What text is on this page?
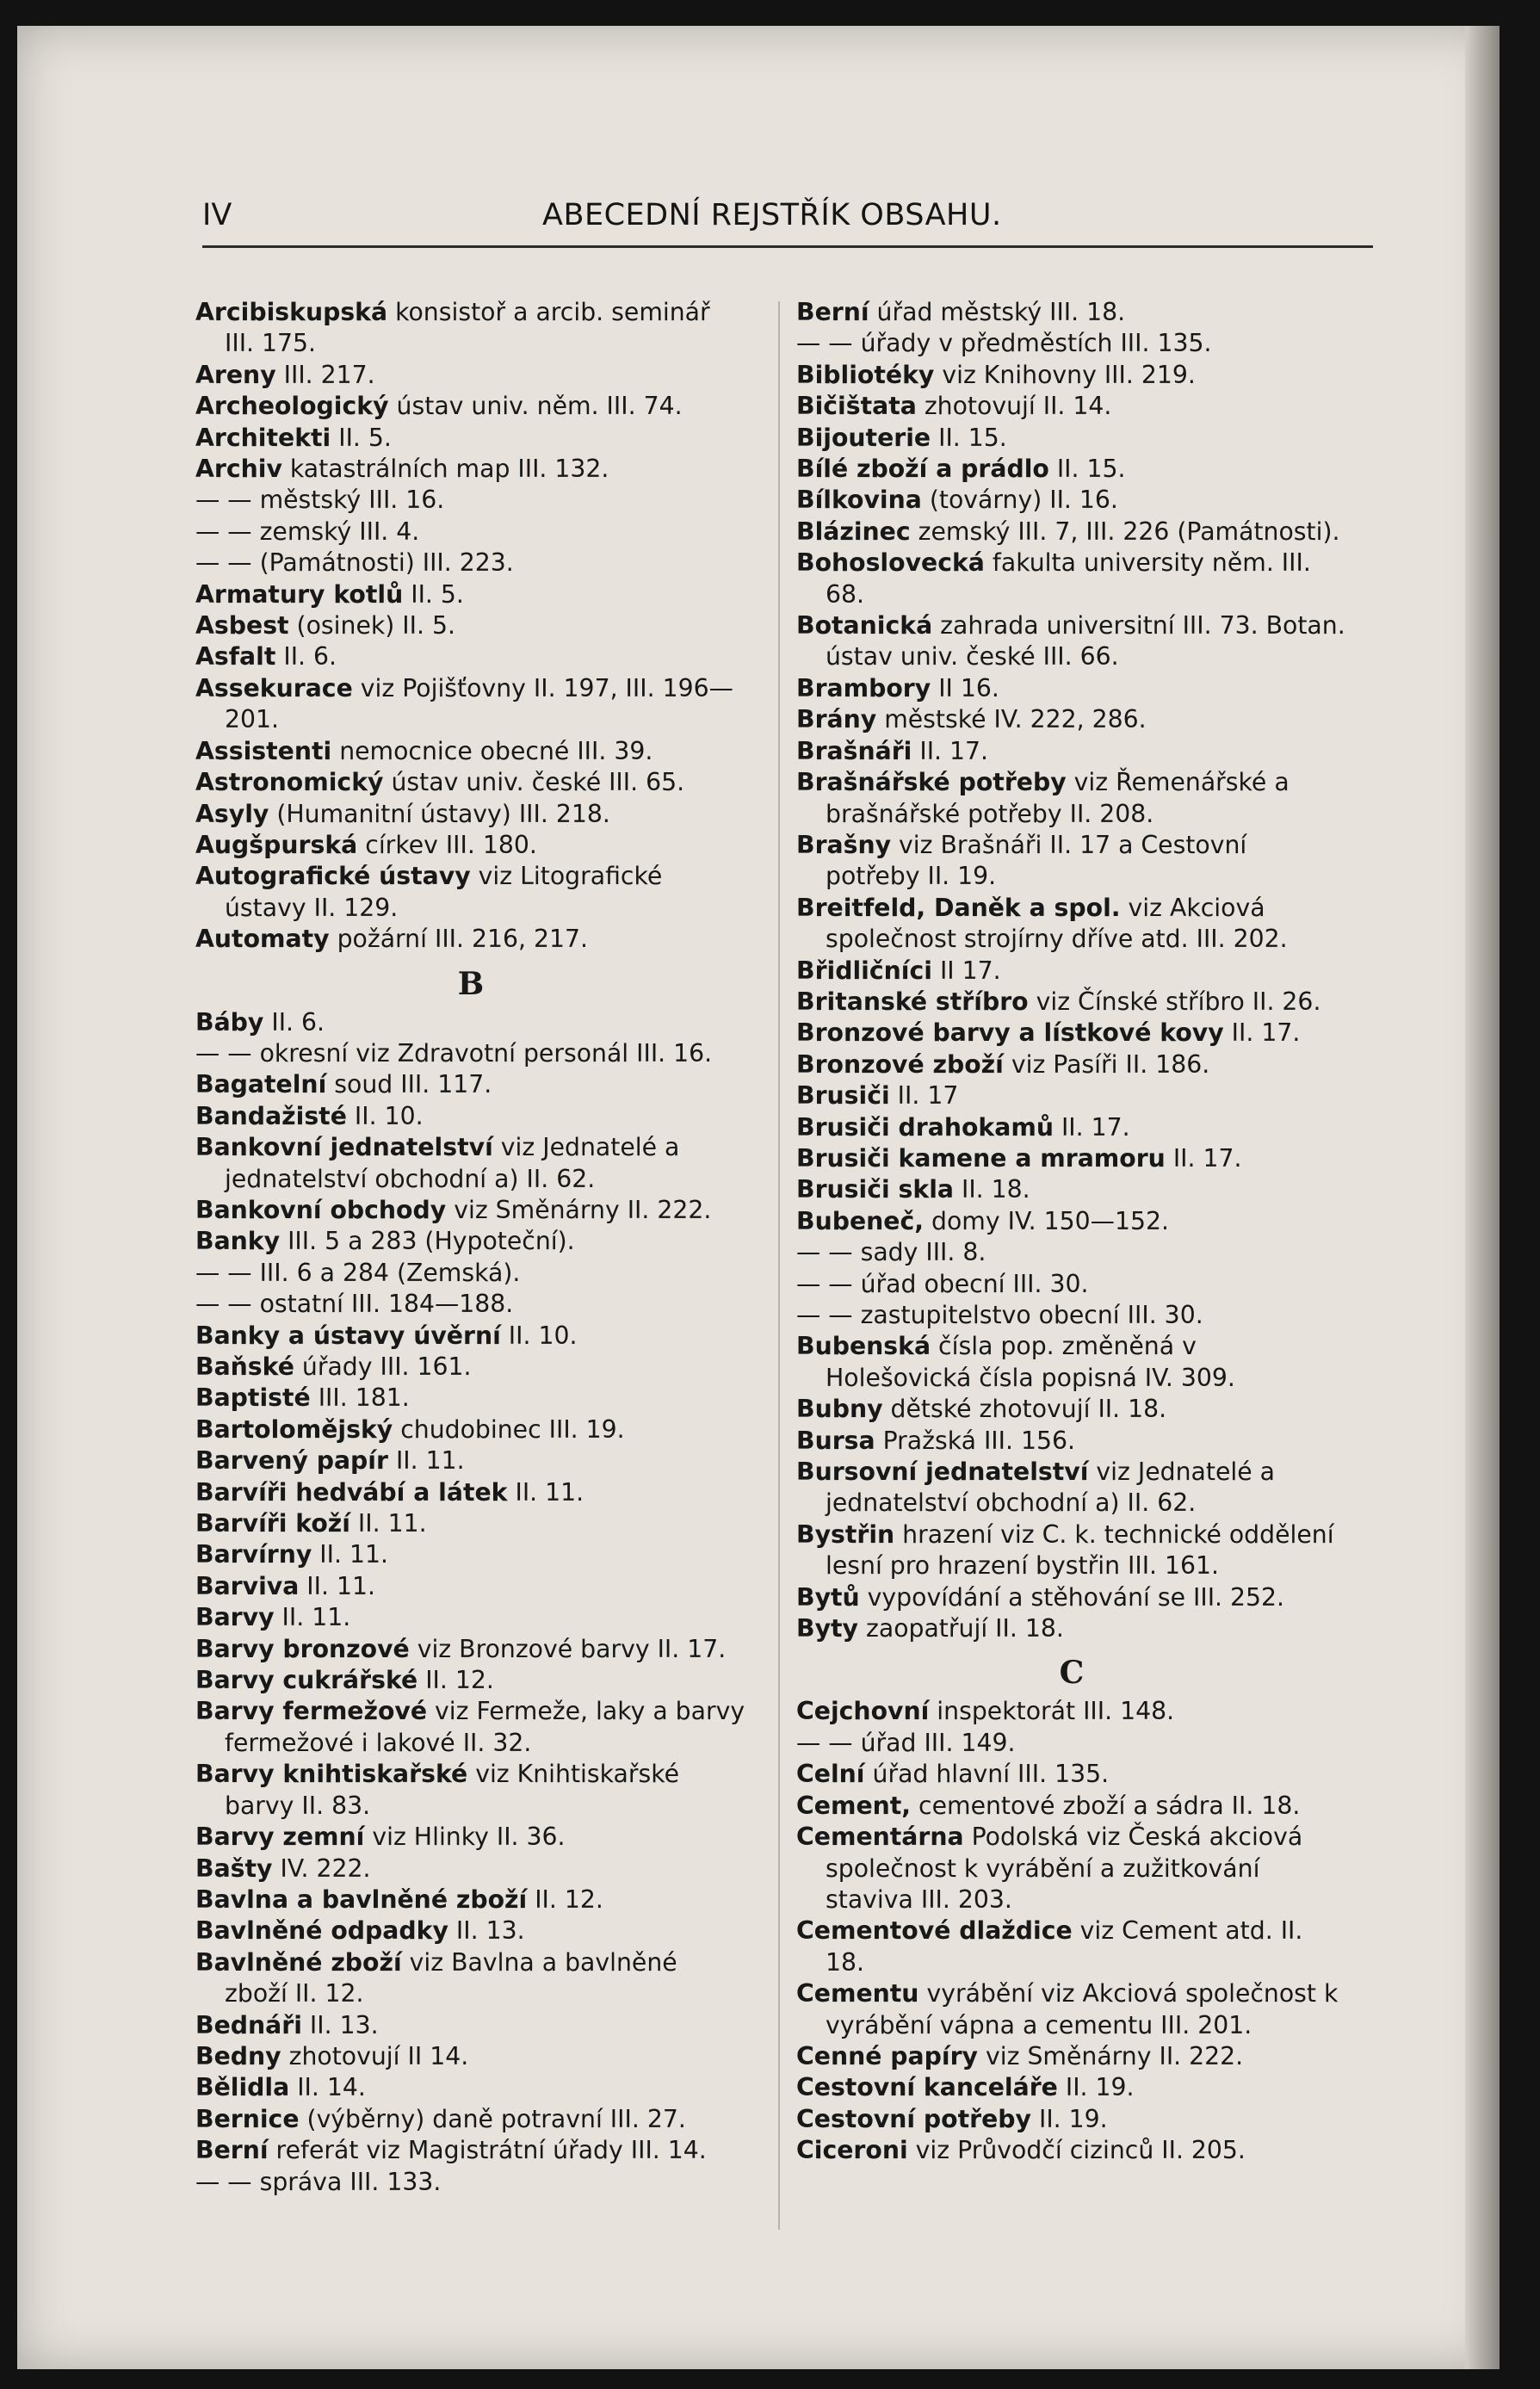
IV	ABECEDNÍ REJSTŘÍK OBSAHU.

Arcibiskupská konsistoř a arcib. seminář III. 175.

Areny III. 217.

Archeologický ústav univ. něm. III. 74.

Architekti II. 5.

Archiv katastrálních map III. 132.

— — městský III. 16.

— — zemský III. 4.

— — (Památnosti) III. 223.

Armatury kotlů II. 5.

Asbest (osinek) II. 5.

Asfalt II. 6.

Assekurace viz Pojišťovny II. 197, III. 196—201.

Assistenti nemocnice obecné III. 39.

Astronomický ústav univ. české III. 65.

Asyly (Humanitní ústavy) III. 218.

Augšpurská církev III. 180.

Autografické ústavy viz Litografické ústavy II. 129.

Automaty požární III. 216, 217.

B

Báby II. 6.

— — okresní viz Zdravotní personál III. 16.

Bagatelní soud III. 117.

Bandažisté II. 10.

Bankovní jednatelství viz Jednatelé a jednatelství obchodní a) II. 62.

Bankovní obchody viz Směnárny II. 222.

Banky III. 5 a 283 (Hypoteční).

— — III. 6 a 284 (Zemská).

— — ostatní III. 184—188.

Banky a ústavy úvěrní II. 10.

Baňské úřady III. 161.

Baptisté III. 181.

Bartolomějský chudobinec III. 19.

Barvený papír II. 11.

Barvíři hedvábí a látek II. 11.

Barvíři koží II. 11.

Barvírny II. 11.

Barviva II. 11.

Barvy II. 11.

Barvy bronzové viz Bronzové barvy II. 17.

Barvy cukrářské II. 12.

Barvy fermežové viz Fermeže, laky a barvy fermežové i lakové II. 32.

Barvy knihtiskařské viz Knihtiskařské barvy II. 83.

Barvy zemní viz Hlinky II. 36.

Bašty IV. 222.

Bavlna a bavlněné zboží II. 12.

Bavlněné odpadky II. 13.

Bavlněné zboží viz Bavlna a bavlněné zboží II. 12.

Bednáři II. 13.

Bedny zhotovují II 14.

Bělidla II. 14.

Bernice (výběrny) daně potravní III. 27.

Berní referát viz Magistrátní úřady III. 14.

— — správa III. 133.

Berní úřad městský III. 18.

— — úřady v předměstích III. 135.

Bibliotéky viz Knihovny III. 219.

Bičištata zhotovují II. 14.

Bijouterie II. 15.

Bílé zboží a prádlo II. 15.

Bílkovina (továrny) II. 16.

Blázinec zemský III. 7, III. 226 (Památnosti).

Bohoslovecká fakulta university něm. III. 68.

Botanická zahrada universitní III. 73. Botan. ústav univ. české III. 66.

Brambory II 16.

Brány městské IV. 222, 286.

Brašnáři II. 17.

Brašnářské potřeby viz Řemenářské a brašnářské potřeby II. 208.

Brašny viz Brašnáři II. 17 a Cestovní potřeby II. 19.

Breitfeld, Daněk a spol. viz Akciová společnost strojírny dříve atd. III. 202.

Břidličníci II 17.

Britanské stříbro viz Čínské stříbro II. 26.

Bronzové barvy a lístkové kovy II. 17.

Bronzové zboží viz Pasíři II. 186.

Brusiči II. 17

Brusiči drahokamů II. 17.

Brusiči kamene a mramoru II. 17.

Brusiči skla II. 18.

Bubeneč, domy IV. 150—152.

— — sady III. 8.

— — úřad obecní III. 30.

— — zastupitelstvo obecní III. 30.

Bubenská čísla pop. změněná v Holešovická čísla popisná IV. 309.

Bubny dětské zhotovují II. 18.

Bursa Pražská III. 156.

Bursovní jednatelství viz Jednatelé a jednatelství obchodní a) II. 62.

Bystřin hrazení viz C. k. technické oddělení lesní pro hrazení bystřin III. 161.

Bytů vypovídání a stěhování se III. 252.

Byty zaopatřují II. 18.

C

Cejchovní inspektorát III. 148.

— — úřad III. 149.

Celní úřad hlavní III. 135.

Cement, cementové zboží a sádra II. 18.

Cementárna Podolská viz Česká akciová společnost k vyrábění a zužitkování staviva III. 203.

Cementové dlaždice viz Cement atd. II. 18.

Cementu vyrábění viz Akciová společnost k vyrábění vápna a cementu III. 201.

Cenné papíry viz Směnárny II. 222.

Cestovní kanceláře II. 19.

Cestovní potřeby II. 19.

Ciceroni viz Průvodčí cizinců II. 205.
